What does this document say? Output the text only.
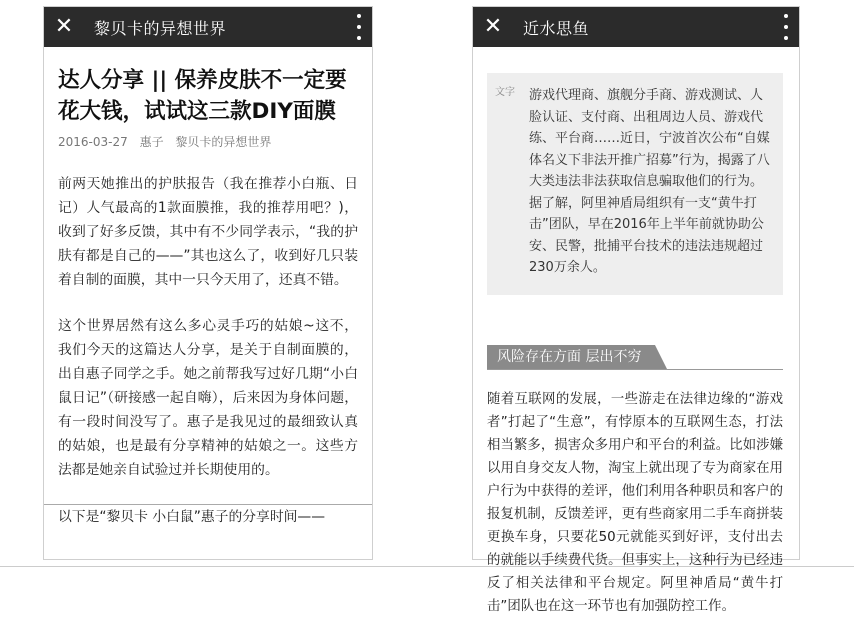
✕	黎贝卡的异想世界
达人分享 || 保养皮肤不一定要花大钱，试试这三款DIY面膜
2016-03-27 惠子 黎贝卡的异想世界

前两天她推出的护肤报告（我在推荐小白瓶、日记）人气最高的1款面膜推，我的推荐用吧？)，收到了好多反馈，其中有不少同学表示，“我的护肤有都是自己的——”其也这么了，收到好几只装着自制的面膜，其中一只今天用了，还真不错。

这个世界居然有这么多心灵手巧的姑娘~这不，我们今天的这篇达人分享，是关于自制面膜的，出自惠子同学之手。她之前帮我写过好几期“小白鼠日记”（研接感一起自嗨），后来因为身体问题，有一段时间没写了。惠子是我见过的最细致认真的姑娘，也是最有分享精神的姑娘之一。这些方法都是她亲自试验过并长期使用的。

以下是“黎贝卡 小白鼠”惠子的分享时间——

✕	近水思鱼
文字 游戏代理商、旗舰分手商、游戏测试、人脸认证、支付商、出租周边人员、游戏代练、平台商……近日，宁波首次公布“自媒体名义下非法开推广招募”行为，揭露了八大类违法非法获取信息骗取他们的行为。据了解，阿里神盾局组织有一支“黄牛打击”团队，早在2016年上半年前就协助公安、民警，批捕平台技术的违法违规超过230万余人。

风险存在方面 层出不穷

随着互联网的发展，一些游走在法律边缘的“游戏者”打起了“生意”，有悖原本的互联网生态，打法相当繁多，损害众多用户和平台的利益。比如涉嫌以用自身交友人物，淘宝上就出现了专为商家在用户行为中获得的差评，他们利用各种职员和客户的报复机制，反馈差评，更有些商家用二手车商拼装更换车身，只要花50元就能买到好评，支付出去的就能以手续费代货。但事实上，这种行为已经违反了相关法律和平台规定。阿里神盾局“黄牛打击”团队也在这一环节也有加强防控工作。
